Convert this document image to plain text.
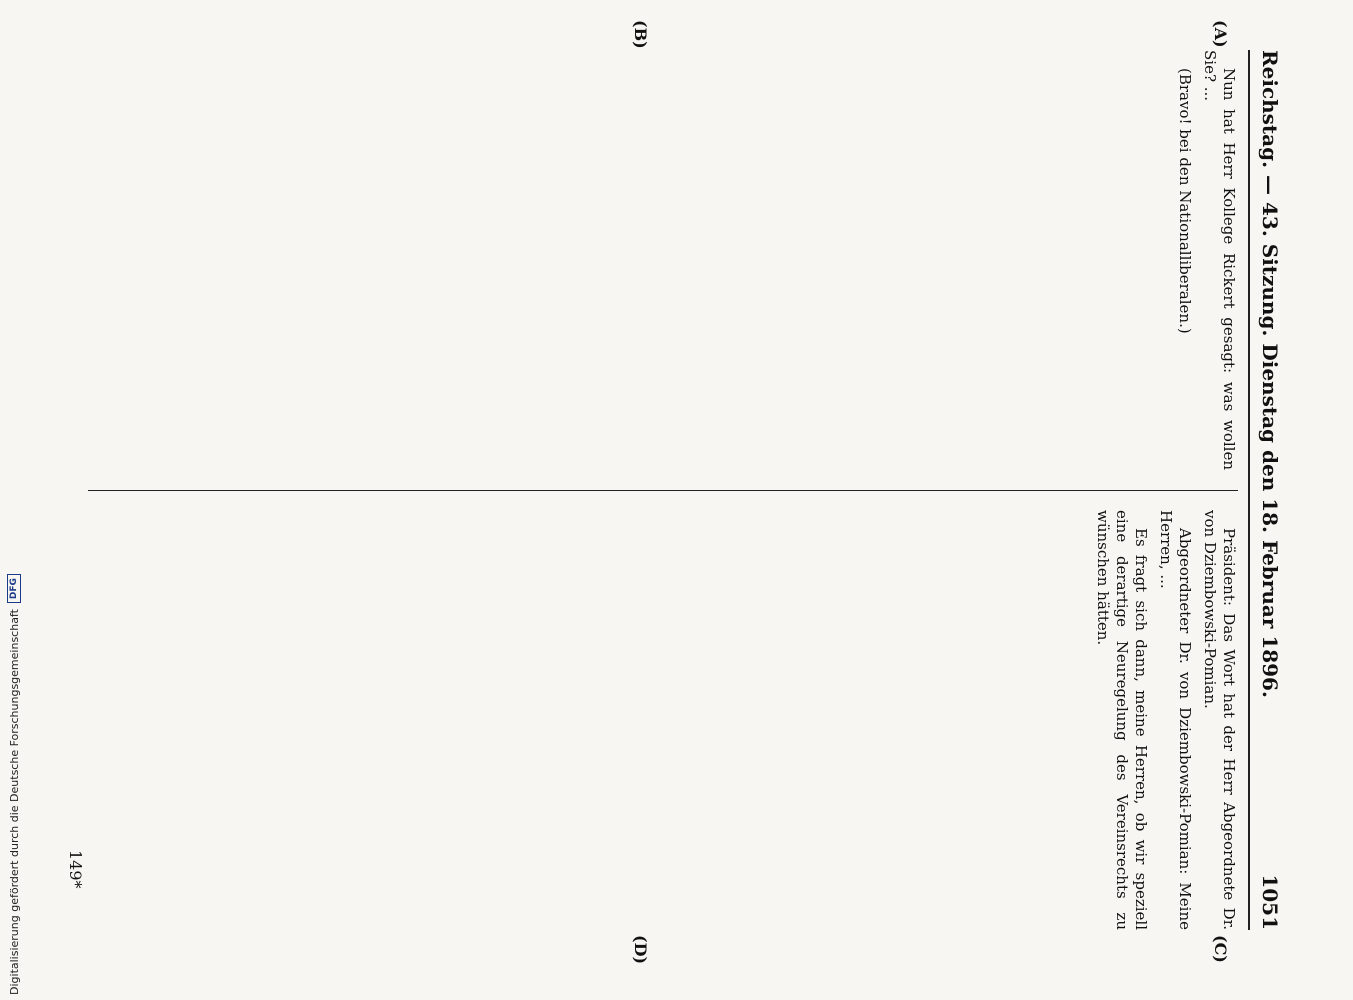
Reichstag. — 43. Sitzung. Dienstag den 18. Februar 1896.
1051

Nun hat Herr Kollege Rickert gesagt: was wollen Sie? ...

(Bravo! bei den Nationalliberalen.)

Präsident: Das Wort hat der Herr Abgeordnete Dr. von Dziembowski-Pomian.

Abgeordneter Dr. von Dziembowski-Pomian: Meine Herren, ...

Es fragt sich dann, meine Herren, ob wir speziell eine derartige Neuregelung des Vereinsrechts zu wünschen hätten.

(A)
(B)
(C)
(D)
149*
Digitalisierung gefördert durch die Deutsche Forschungsgemeinschaft
DFG
